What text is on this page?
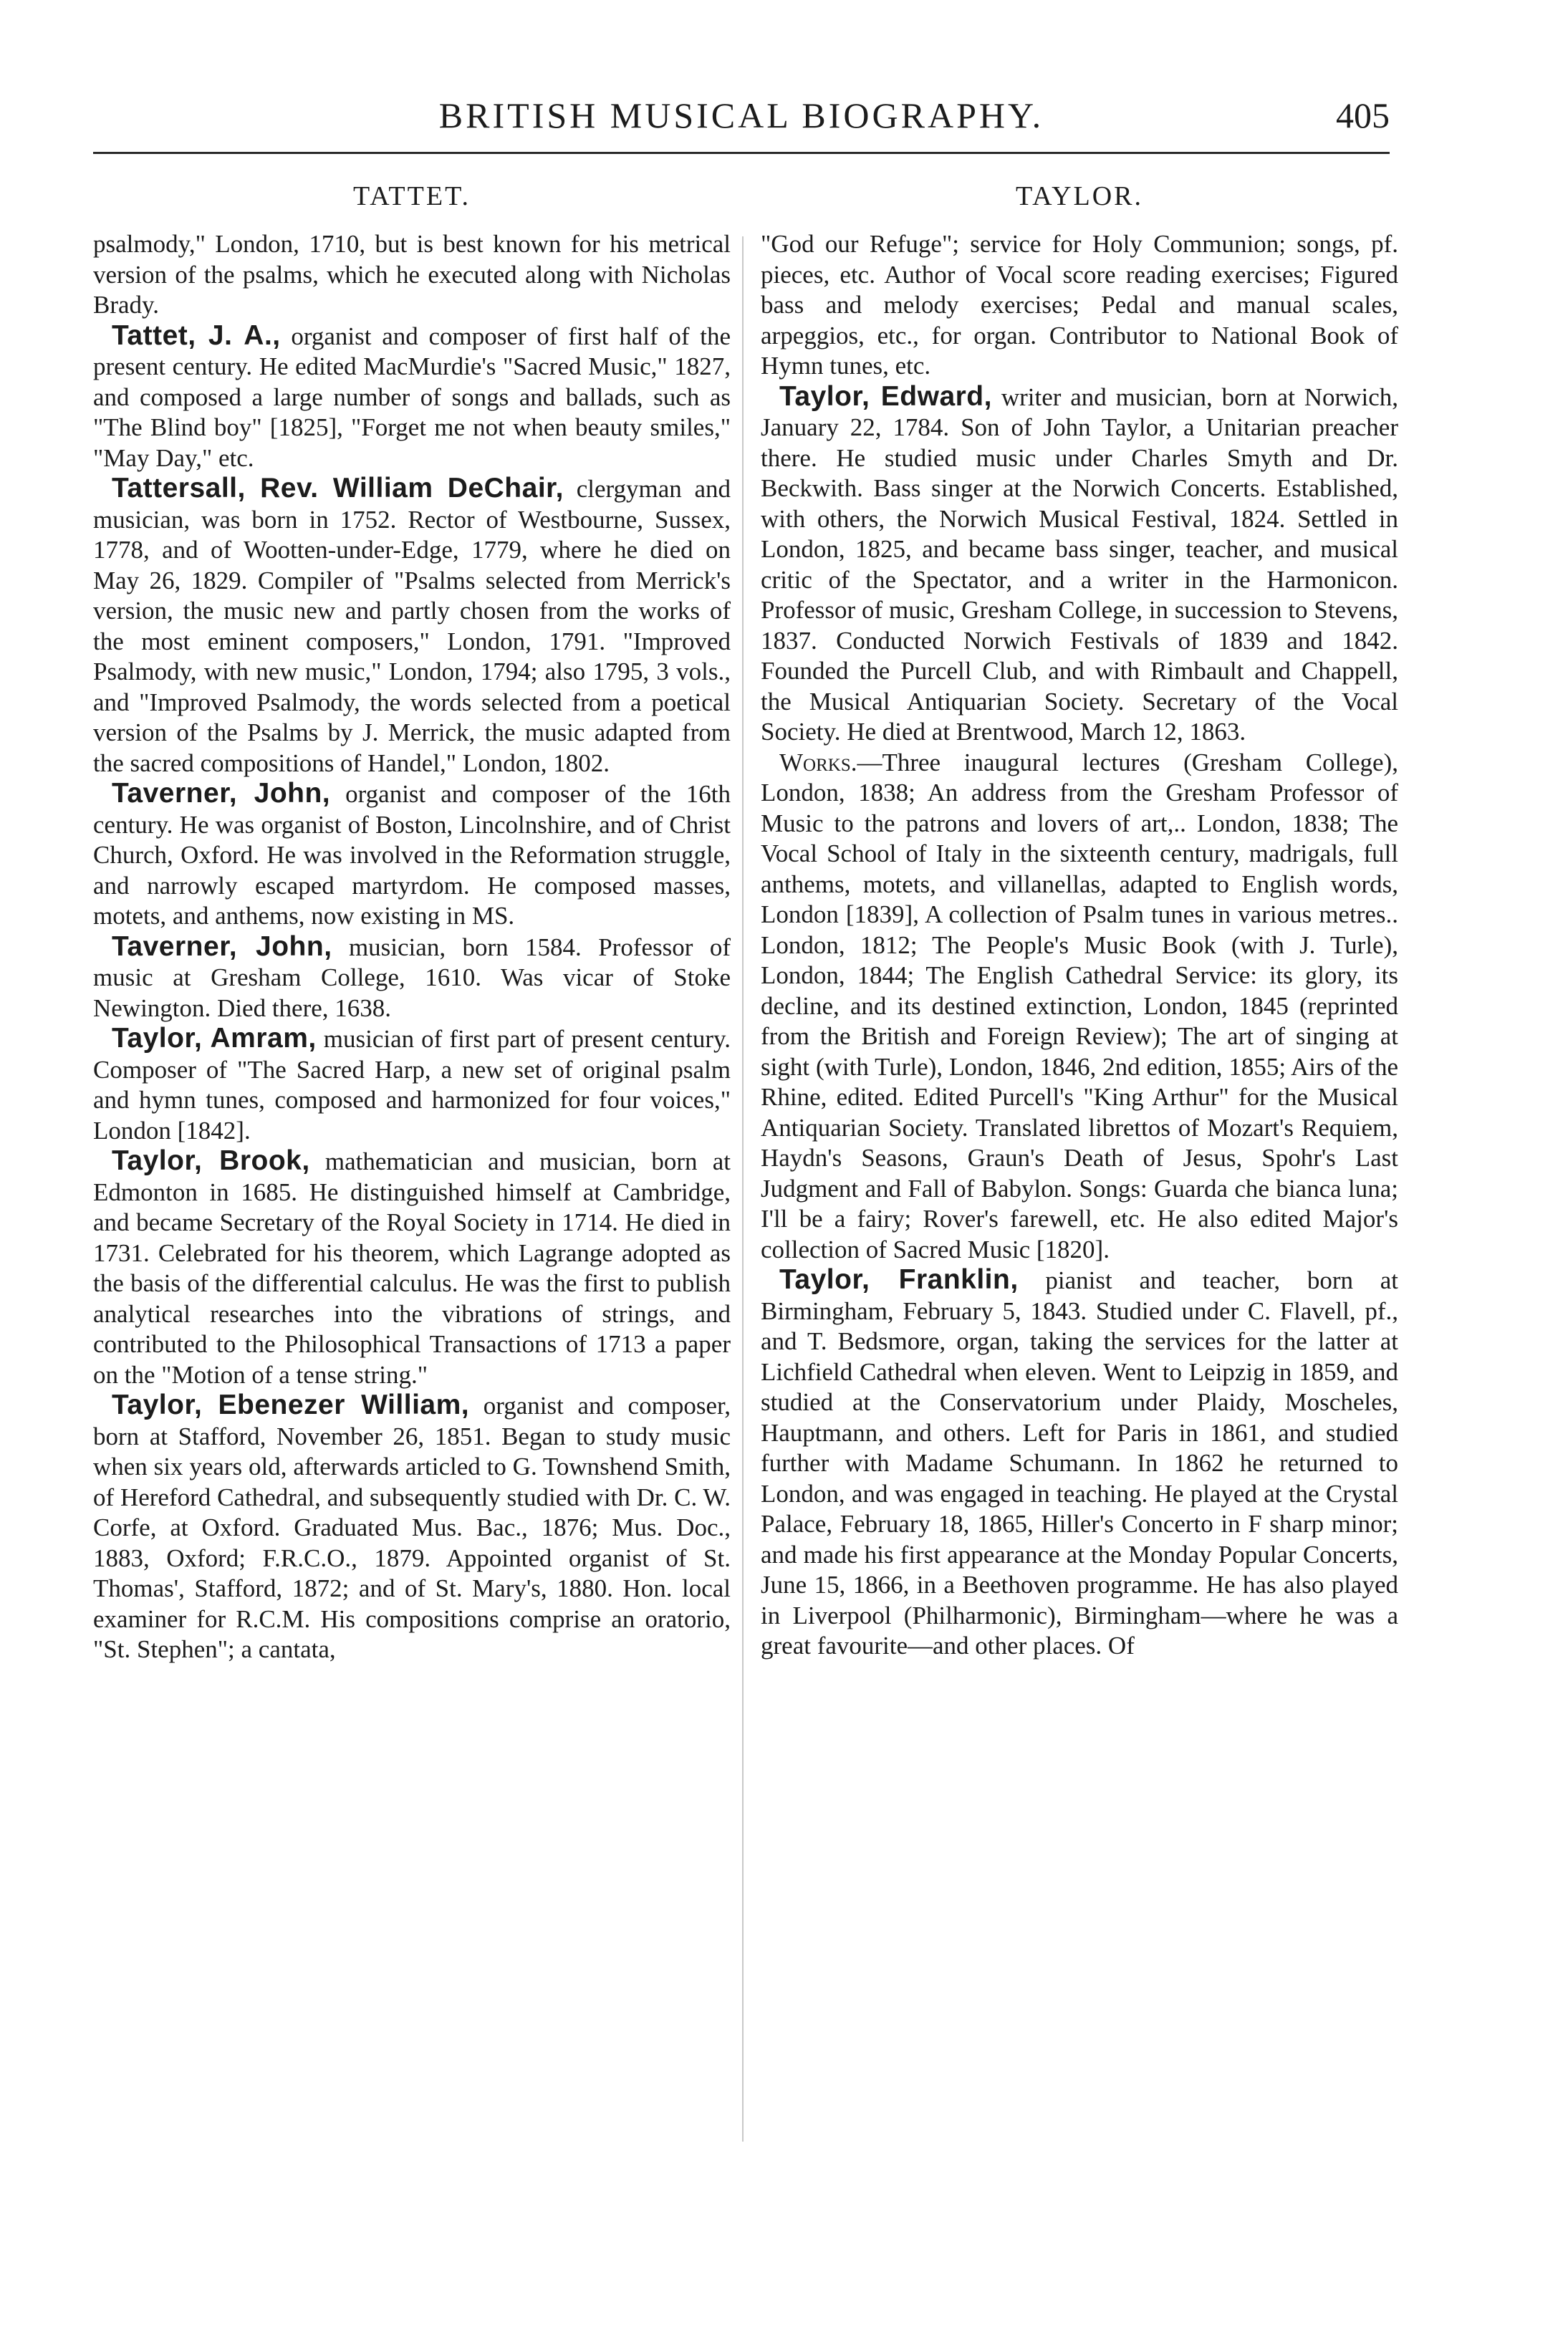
BRITISH MUSICAL BIOGRAPHY.	405
TATTET.

psalmody," London, 1710, but is best known for his metrical version of the psalms, which he executed along with Nicholas Brady.

Tattet, J. A., organist and composer of first half of the present century. He edited MacMurdie's "Sacred Music," 1827, and composed a large number of songs and ballads, such as "The Blind boy" [1825], "Forget me not when beauty smiles," "May Day," etc.

Tattersall, Rev. William DeChair, clergyman and musician, was born in 1752. Rector of Westbourne, Sussex, 1778, and of Wootten-under-Edge, 1779, where he died on May 26, 1829. Compiler of "Psalms selected from Merrick's version, the music new and partly chosen from the works of the most eminent composers," London, 1791. "Improved Psalmody, with new music," London, 1794; also 1795, 3 vols., and "Improved Psalmody, the words selected from a poetical version of the Psalms by J. Merrick, the music adapted from the sacred compositions of Handel," London, 1802.

Taverner, John, organist and composer of the 16th century. He was organist of Boston, Lincolnshire, and of Christ Church, Oxford. He was involved in the Reformation struggle, and narrowly escaped martyrdom. He composed masses, motets, and anthems, now existing in MS.

Taverner, John, musician, born 1584. Professor of music at Gresham College, 1610. Was vicar of Stoke Newington. Died there, 1638.

Taylor, Amram, musician of first part of present century. Composer of "The Sacred Harp, a new set of original psalm and hymn tunes, composed and harmonized for four voices," London [1842].

Taylor, Brook, mathematician and musician, born at Edmonton in 1685. He distinguished himself at Cambridge, and became Secretary of the Royal Society in 1714. He died in 1731. Celebrated for his theorem, which Lagrange adopted as the basis of the differential calculus. He was the first to publish analytical researches into the vibrations of strings, and contributed to the Philosophical Transactions of 1713 a paper on the "Motion of a tense string."

Taylor, Ebenezer William, organist and composer, born at Stafford, November 26, 1851. Began to study music when six years old, afterwards articled to G. Townshend Smith, of Hereford Cathedral, and subsequently studied with Dr. C. W. Corfe, at Oxford. Graduated Mus. Bac., 1876; Mus. Doc., 1883, Oxford; F.R.C.O., 1879. Appointed organist of St. Thomas', Stafford, 1872; and of St. Mary's, 1880. Hon. local examiner for R.C.M. His compositions comprise an oratorio, "St. Stephen"; a cantata,

TAYLOR.

"God our Refuge"; service for Holy Communion; songs, pf. pieces, etc. Author of Vocal score reading exercises; Figured bass and melody exercises; Pedal and manual scales, arpeggios, etc., for organ. Contributor to National Book of Hymn tunes, etc.

Taylor, Edward, writer and musician, born at Norwich, January 22, 1784. Son of John Taylor, a Unitarian preacher there. He studied music under Charles Smyth and Dr. Beckwith. Bass singer at the Norwich Concerts. Established, with others, the Norwich Musical Festival, 1824. Settled in London, 1825, and became bass singer, teacher, and musical critic of the Spectator, and a writer in the Harmonicon. Professor of music, Gresham College, in succession to Stevens, 1837. Conducted Norwich Festivals of 1839 and 1842. Founded the Purcell Club, and with Rimbault and Chappell, the Musical Antiquarian Society. Secretary of the Vocal Society. He died at Brentwood, March 12, 1863.

Works.—Three inaugural lectures (Gresham College), London, 1838; An address from the Gresham Professor of Music to the patrons and lovers of art,.. London, 1838; The Vocal School of Italy in the sixteenth century, madrigals, full anthems, motets, and villanellas, adapted to English words, London [1839], A collection of Psalm tunes in various metres.. London, 1812; The People's Music Book (with J. Turle), London, 1844; The English Cathedral Service: its glory, its decline, and its destined extinction, London, 1845 (reprinted from the British and Foreign Review); The art of singing at sight (with Turle), London, 1846, 2nd edition, 1855; Airs of the Rhine, edited. Edited Purcell's "King Arthur" for the Musical Antiquarian Society. Translated librettos of Mozart's Requiem, Haydn's Seasons, Graun's Death of Jesus, Spohr's Last Judgment and Fall of Babylon. Songs: Guarda che bianca luna; I'll be a fairy; Rover's farewell, etc. He also edited Major's collection of Sacred Music [1820].

Taylor, Franklin, pianist and teacher, born at Birmingham, February 5, 1843. Studied under C. Flavell, pf., and T. Bedsmore, organ, taking the services for the latter at Lichfield Cathedral when eleven. Went to Leipzig in 1859, and studied at the Conservatorium under Plaidy, Moscheles, Hauptmann, and others. Left for Paris in 1861, and studied further with Madame Schumann. In 1862 he returned to London, and was engaged in teaching. He played at the Crystal Palace, February 18, 1865, Hiller's Concerto in F sharp minor; and made his first appearance at the Monday Popular Concerts, June 15, 1866, in a Beethoven programme. He has also played in Liverpool (Philharmonic), Birmingham—where he was a great favourite—and other places. Of
